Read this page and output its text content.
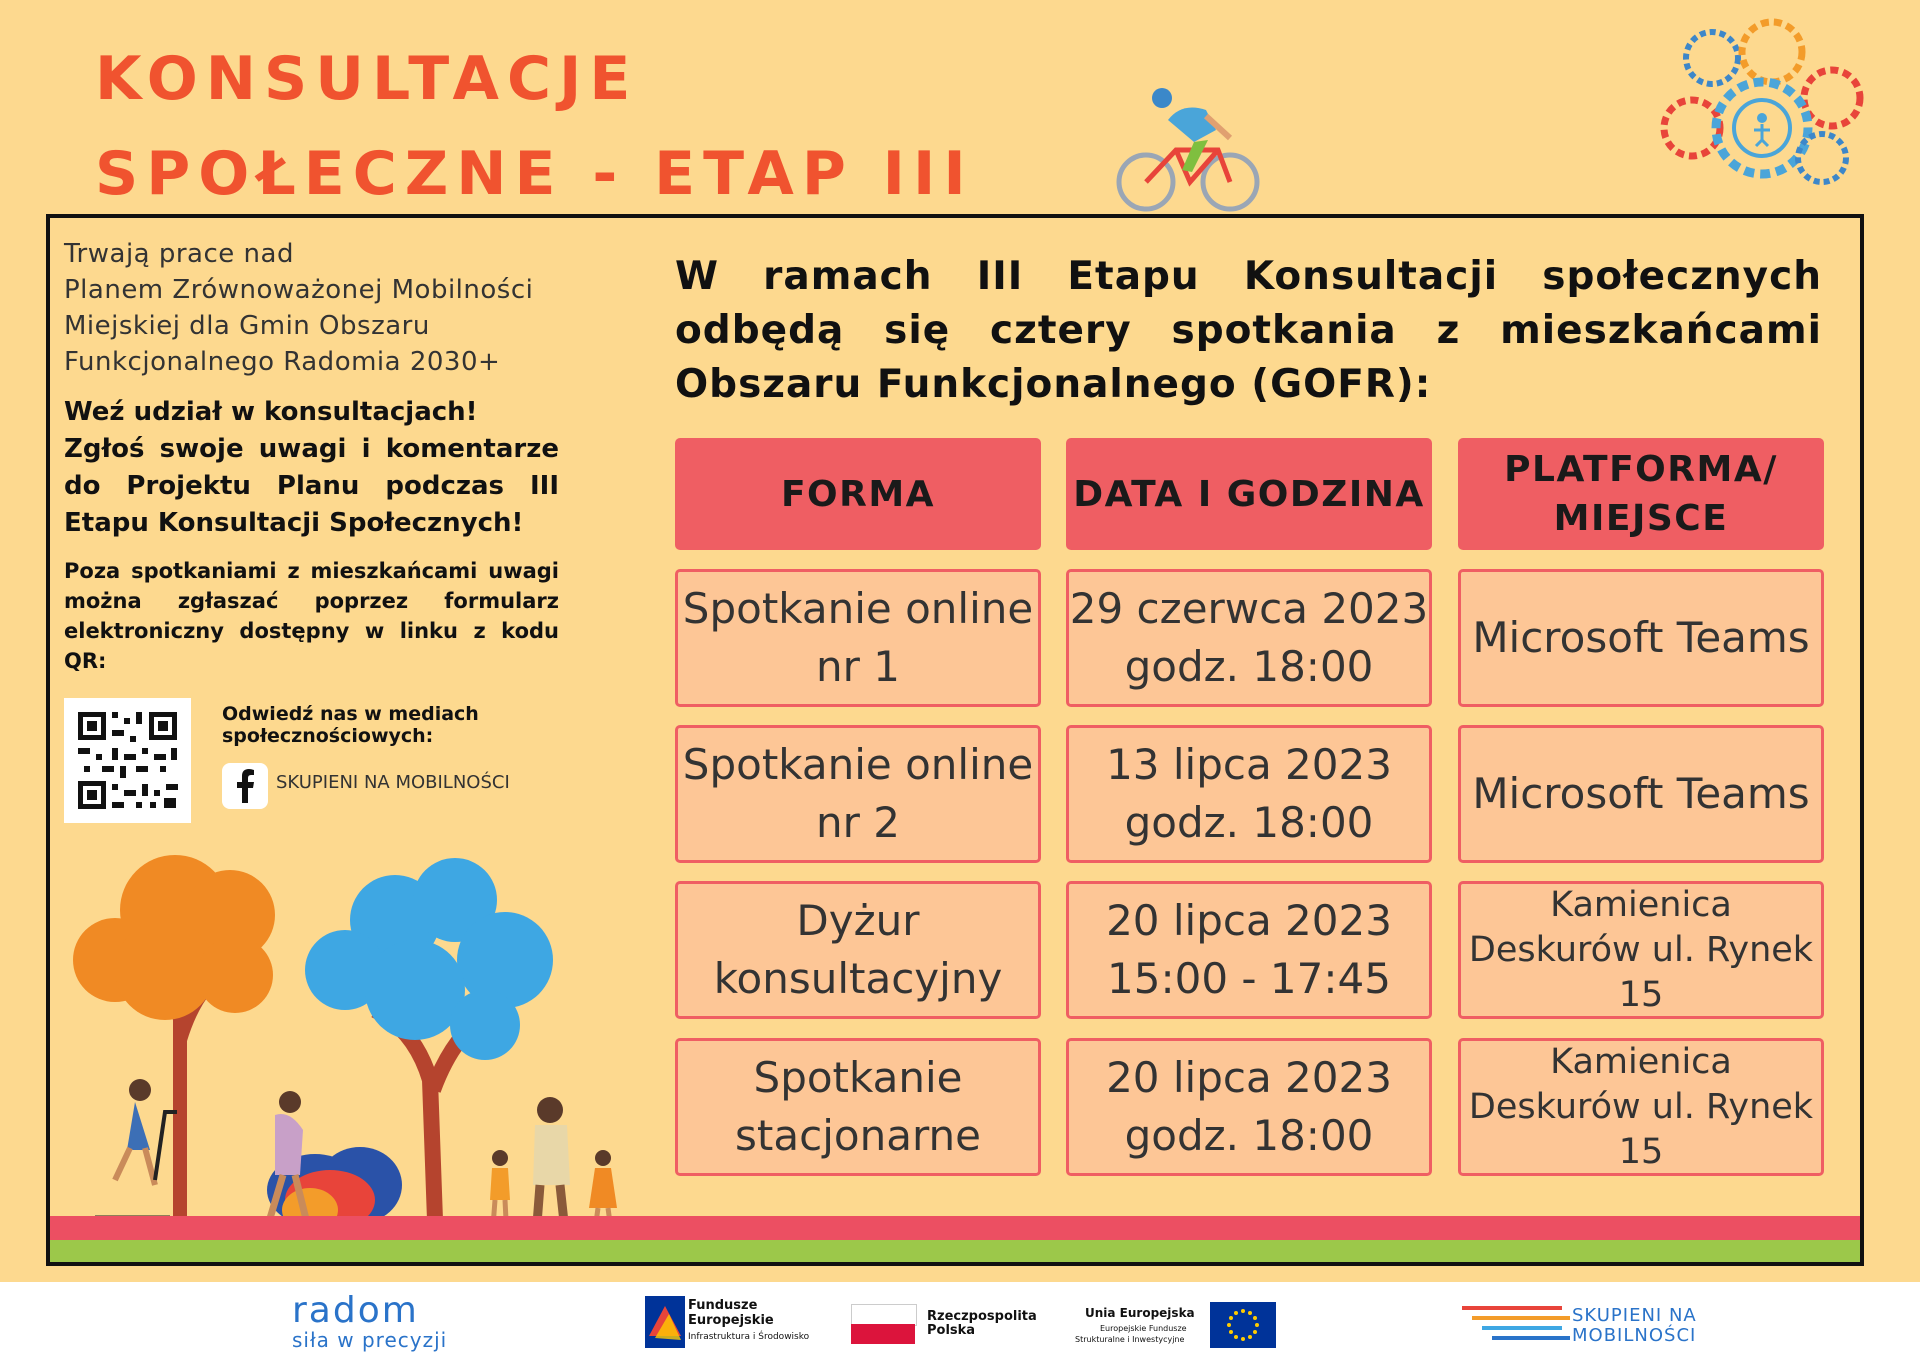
KONSULTACJE
SPOŁECZNE - ETAP III
Trwają prace nad
Planem Zrównoważonej Mobilności
Miejskiej dla Gmin Obszaru
Funkcjonalnego Radomia 2030+
Weź udział w konsultacjach!
Zgłoś swoje uwagi i komentarze do Projektu Planu podczas III Etapu Konsultacji Społecznych!
Poza spotkaniami z mieszkańcami uwagi można zgłaszać poprzez formularz elektroniczny dostępny w linku z kodu QR:
Odwiedź nas w mediach społecznościowych:
SKUPIENI NA MOBILNOŚCI
W ramach III Etapu Konsultacji społecznych odbędą się cztery spotkania z mieszkańcami Obszaru Funkcjonalnego (GOFR):
FORMA	DATA I GODZINA
PLATFORMA/ MIEJSCE
Spotkanie online nr 1
29 czerwca 2023 godz. 18:00
Microsoft Teams
Spotkanie online nr 2
13 lipca 2023 godz. 18:00
Microsoft Teams
Dyżur konsultacyjny
20 lipca 2023 15:00 - 17:45
Kamienica Deskurów ul. Rynek 15
Spotkanie stacjonarne
20 lipca 2023 godz. 18:00
Kamienica Deskurów ul. Rynek 15
radom
siła w precyzji
Fundusze
Europejskie
Infrastruktura i Środowisko
Rzeczpospolita
Polska
Unia Europejska
Europejskie Fundusze
Strukturalne i Inwestycyjne
SKUPIENI NA
MOBILNOŚCI
